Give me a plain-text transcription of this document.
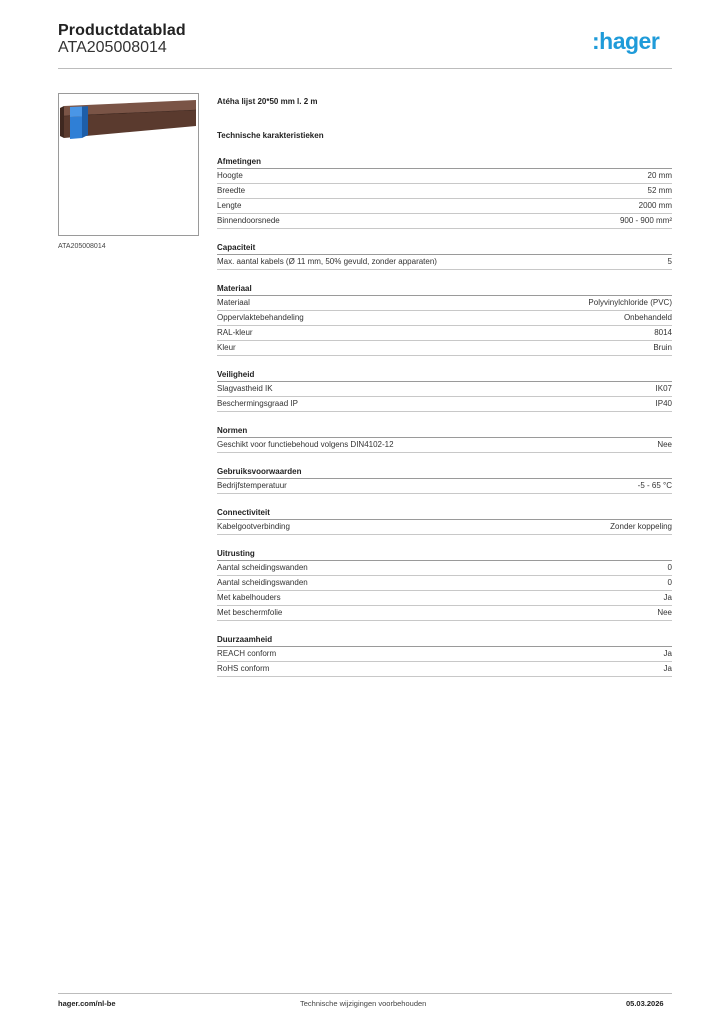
Productdatablad
ATA205008014	:hager
ATA205008014
Atéha lijst 20*50 mm l. 2 m
Technische karakteristieken
Afmetingen
Hoogte	20 mm
Breedte	52 mm
Lengte	2000 mm
Binnendoorsnede	900 - 900 mm²
Capaciteit
Max. aantal kabels (Ø 11 mm, 50% gevuld, zonder apparaten)	5
Materiaal
Materiaal	Polyvinylchloride (PVC)
Oppervlaktebehandeling	Onbehandeld
RAL-kleur	8014
Kleur	Bruin
Veiligheid
Slagvastheid IK	IK07
Beschermingsgraad IP	IP40
Normen
Geschikt voor functiebehoud volgens DIN4102-12	Nee
Gebruiksvoorwaarden
Bedrijfstemperatuur	-5 - 65 °C
Connectiviteit
Kabelgootverbinding	Zonder koppeling
Uitrusting
Aantal scheidingswanden	0
Aantal scheidingswanden	0
Met kabelhouders	Ja
Met beschermfolie	Nee
Duurzaamheid
REACH conform	Ja
RoHS conform	Ja
hager.com/nl-be	Technische wijzigingen voorbehouden	05.03.2026
